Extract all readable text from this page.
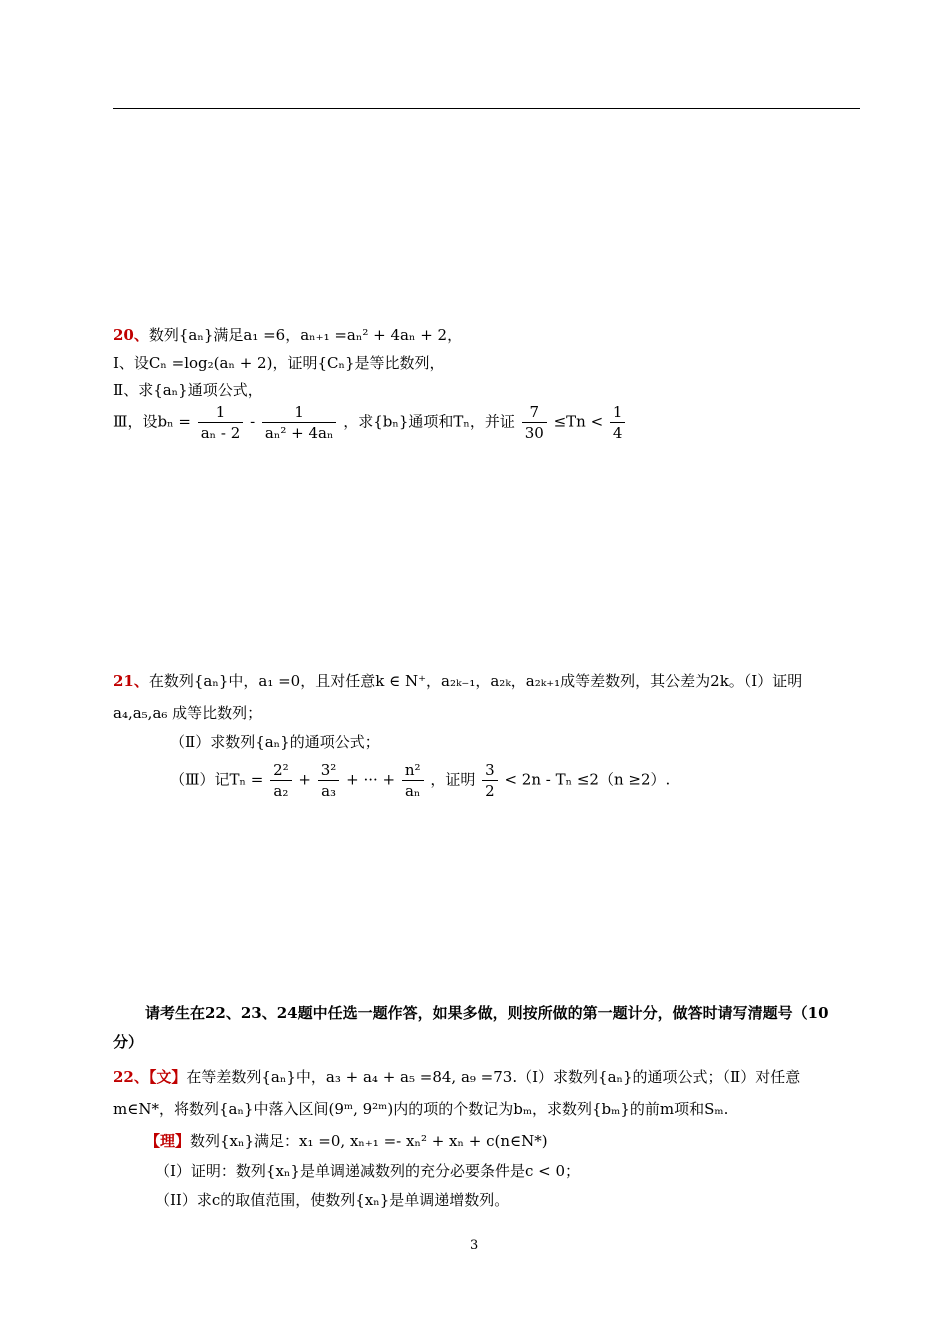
20、数列{aₙ}满足a₁ =6，aₙ₊₁ =aₙ² + 4aₙ + 2，
Ⅰ、设Cₙ =log₂(aₙ + 2)，证明{Cₙ}是等比数列，
Ⅱ、求{aₙ}通项公式，
Ⅲ，设$b_n = \frac{1}{\text{aₙ - 2}} - \frac{1}{\text{aₙ² + 4aₙ}}$ ，求{bₙ}通项和Tₙ，并证 $\frac{7}{30} \le Tn < \frac{1}{4}$
21、在数列{aₙ}中，a₁ =0，且对任意k ∈ N⁺，a₂ₖ₋₁，a₂ₖ，a₂ₖ₊₁成等差数列，其公差为2k。（Ⅰ）证明
a₄,a₅,a₆ 成等比数列；
（Ⅱ）求数列{aₙ}的通项公式；
（Ⅲ）记$T_n = \frac{\text{2²}}{\text{a₂}} + \frac{\text{3²}}{\text{a₃}}$ + ··· + $\frac{\text{n²}}{\text{aₙ}}$ ，证明 $\frac{3}{2} < 2n - T_n \le 2(n \ge 2)$.
请考生在22、23、24题中任选一题作答，如果多做，则按所做的第一题计分，做答时请写清题号（10
分）
22、【文】在等差数列{aₙ}中，a₃ + a₄ + a₅ =84, a₉ =73.（Ⅰ）求数列{aₙ}的通项公式；（Ⅱ）对任意
m∈N*，将数列{aₙ}中落入区间(9ᵐ, 9²ᵐ)内的项的个数记为bₘ，求数列{bₘ}的前m项和Sₘ.
【理】数列{xₙ}满足：x₁ =0, xₙ₊₁ =- xₙ² + xₙ + c(n∈N*)
（I）证明：数列{xₙ}是单调递减数列的充分必要条件是c < 0；
（II）求c的取值范围，使数列{xₙ}是单调递增数列。
3
